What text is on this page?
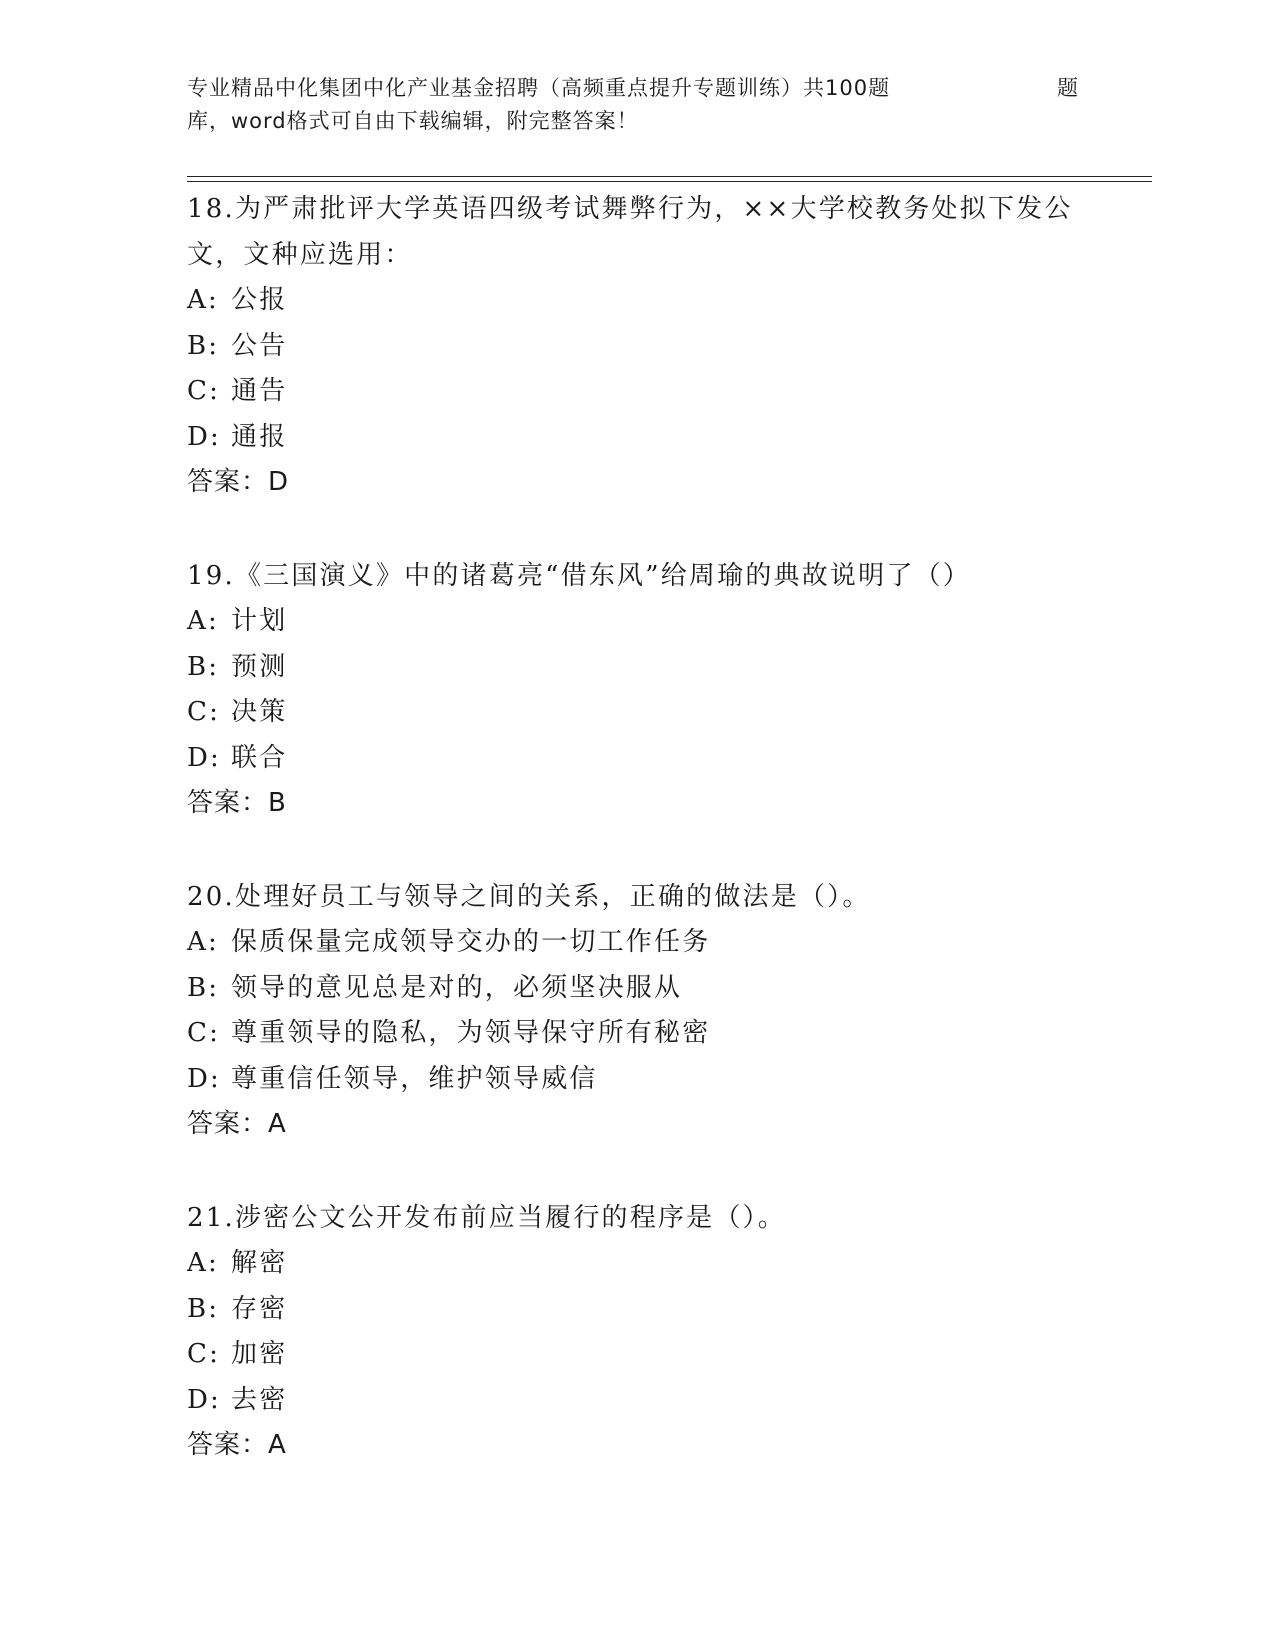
专业精品中化集团中化产业基金招聘（高频重点提升专题训练）共100题	题
库，word格式可自由下载编辑，附完整答案！
18.为严肃批评大学英语四级考试舞弊行为，××大学校教务处拟下发公文，文种应选用：
A: 公报
B: 公告
C: 通告
D: 通报
答案：D
19.《三国演义》中的诸葛亮“借东风”给周瑜的典故说明了（）
A: 计划
B: 预测
C: 决策
D: 联合
答案：B
20.处理好员工与领导之间的关系，正确的做法是（）。
A: 保质保量完成领导交办的一切工作任务
B: 领导的意见总是对的，必须坚决服从
C: 尊重领导的隐私，为领导保守所有秘密
D: 尊重信任领导，维护领导威信
答案：A
21.涉密公文公开发布前应当履行的程序是（）。
A: 解密
B: 存密
C: 加密
D: 去密
答案：A
